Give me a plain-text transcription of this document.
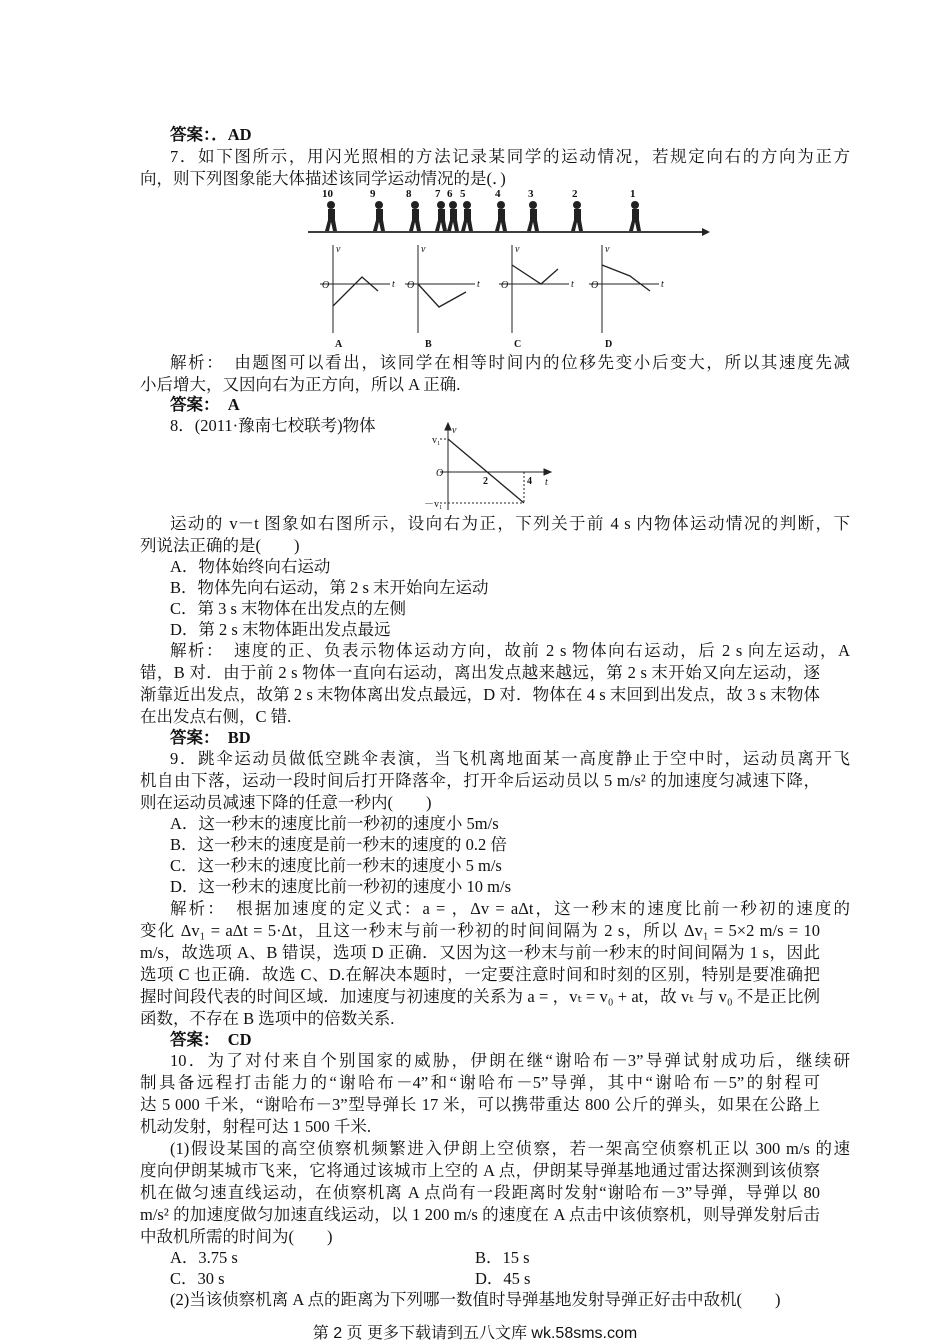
答案：．AD
7．如下图所示，用闪光照相的方法记录某同学的运动情况，若规定向右的方向为正方
向，则下列图象能大体描述该同学运动情况的是(．)
10	9	8 7 6 5	4	3	2	1
v
t
O
v
t
O
v
t
O
v
t
O
A	B	C	D
解析：　由题图可以看出，该同学在相等时间内的位移先变小后变大，所以其速度先减
小后增大，又因向右为正方向，所以 A 正确.
答案：　A
8．(2011·豫南七校联考)物体	v
t
O
v₁
－v₁
2	4
运动的 v－t 图象如右图所示，设向右为正，下列关于前 4 s 内物体运动情况的判断，下
列说法正确的是(　　)
A．物体始终向右运动
B．物体先向右运动，第 2 s 末开始向左运动
C．第 3 s 末物体在出发点的左侧
D．第 2 s 末物体距出发点最远
解析：　速度的正、负表示物体运动方向，故前 2 s 物体向右运动，后 2 s 向左运动，A
错，B 对．由于前 2 s 物体一直向右运动，离出发点越来越远，第 2 s 末开始又向左运动，逐
渐靠近出发点，故第 2 s 末物体离出发点最远，D 对．物体在 4 s 末回到出发点，故 3 s 末物体
在出发点右侧，C 错.
答案：　BD
9．跳伞运动员做低空跳伞表演，当飞机离地面某一高度静止于空中时，运动员离开飞
机自由下落，运动一段时间后打开降落伞，打开伞后运动员以 5 m/s² 的加速度匀减速下降，
则在运动员减速下降的任意一秒内(　　)
A．这一秒末的速度比前一秒初的速度小 5m/s
B．这一秒末的速度是前一秒末的速度的 0.2 倍
C．这一秒末的速度比前一秒末的速度小 5 m/s
D．这一秒末的速度比前一秒初的速度小 10 m/s
解析：　根据加速度的定义式：a = ，Δv = aΔt，这一秒末的速度比前一秒初的速度的
变化 Δv₁ = aΔt = 5·Δt，且这一秒末与前一秒初的时间间隔为 2 s，所以 Δv₁ = 5×2 m/s = 10
m/s，故选项 A、B 错误，选项 D 正确．又因为这一秒末与前一秒末的时间间隔为 1 s，因此
选项 C 也正确．故选 C、D.在解决本题时，一定要注意时间和时刻的区别，特别是要准确把
握时间段代表的时间区域．加速度与初速度的关系为 a = ，vₜ = v₀ + at，故 vₜ 与 v₀ 不是正比例
函数，不存在 B 选项中的倍数关系.
答案：　CD
10．为了对付来自个别国家的威胁，伊朗在继“谢哈布－3”导弹试射成功后，继续研
制具备远程打击能力的“谢哈布－4”和“谢哈布－5”导弹，其中“谢哈布－5”的射程可
达 5 000 千米，“谢哈布－3”型导弹长 17 米，可以携带重达 800 公斤的弹头，如果在公路上
机动发射，射程可达 1 500 千米.
(1)假设某国的高空侦察机频繁进入伊朗上空侦察，若一架高空侦察机正以 300 m/s 的速
度向伊朗某城市飞来，它将通过该城市上空的 A 点，伊朗某导弹基地通过雷达探测到该侦察
机在做匀速直线运动，在侦察机离 A 点尚有一段距离时发射“谢哈布－3”导弹，导弹以 80
m/s² 的加速度做匀加速直线运动，以 1 200 m/s 的速度在 A 点击中该侦察机，则导弹发射后击
中敌机所需的时间为(　　)
A．3.75 s	B．15 s
C．30 s	D．45 s
(2)当该侦察机离 A 点的距离为下列哪一数值时导弹基地发射导弹正好击中敌机(　　)
第 2 页 更多下载请到五八文库 wk.58sms.com
